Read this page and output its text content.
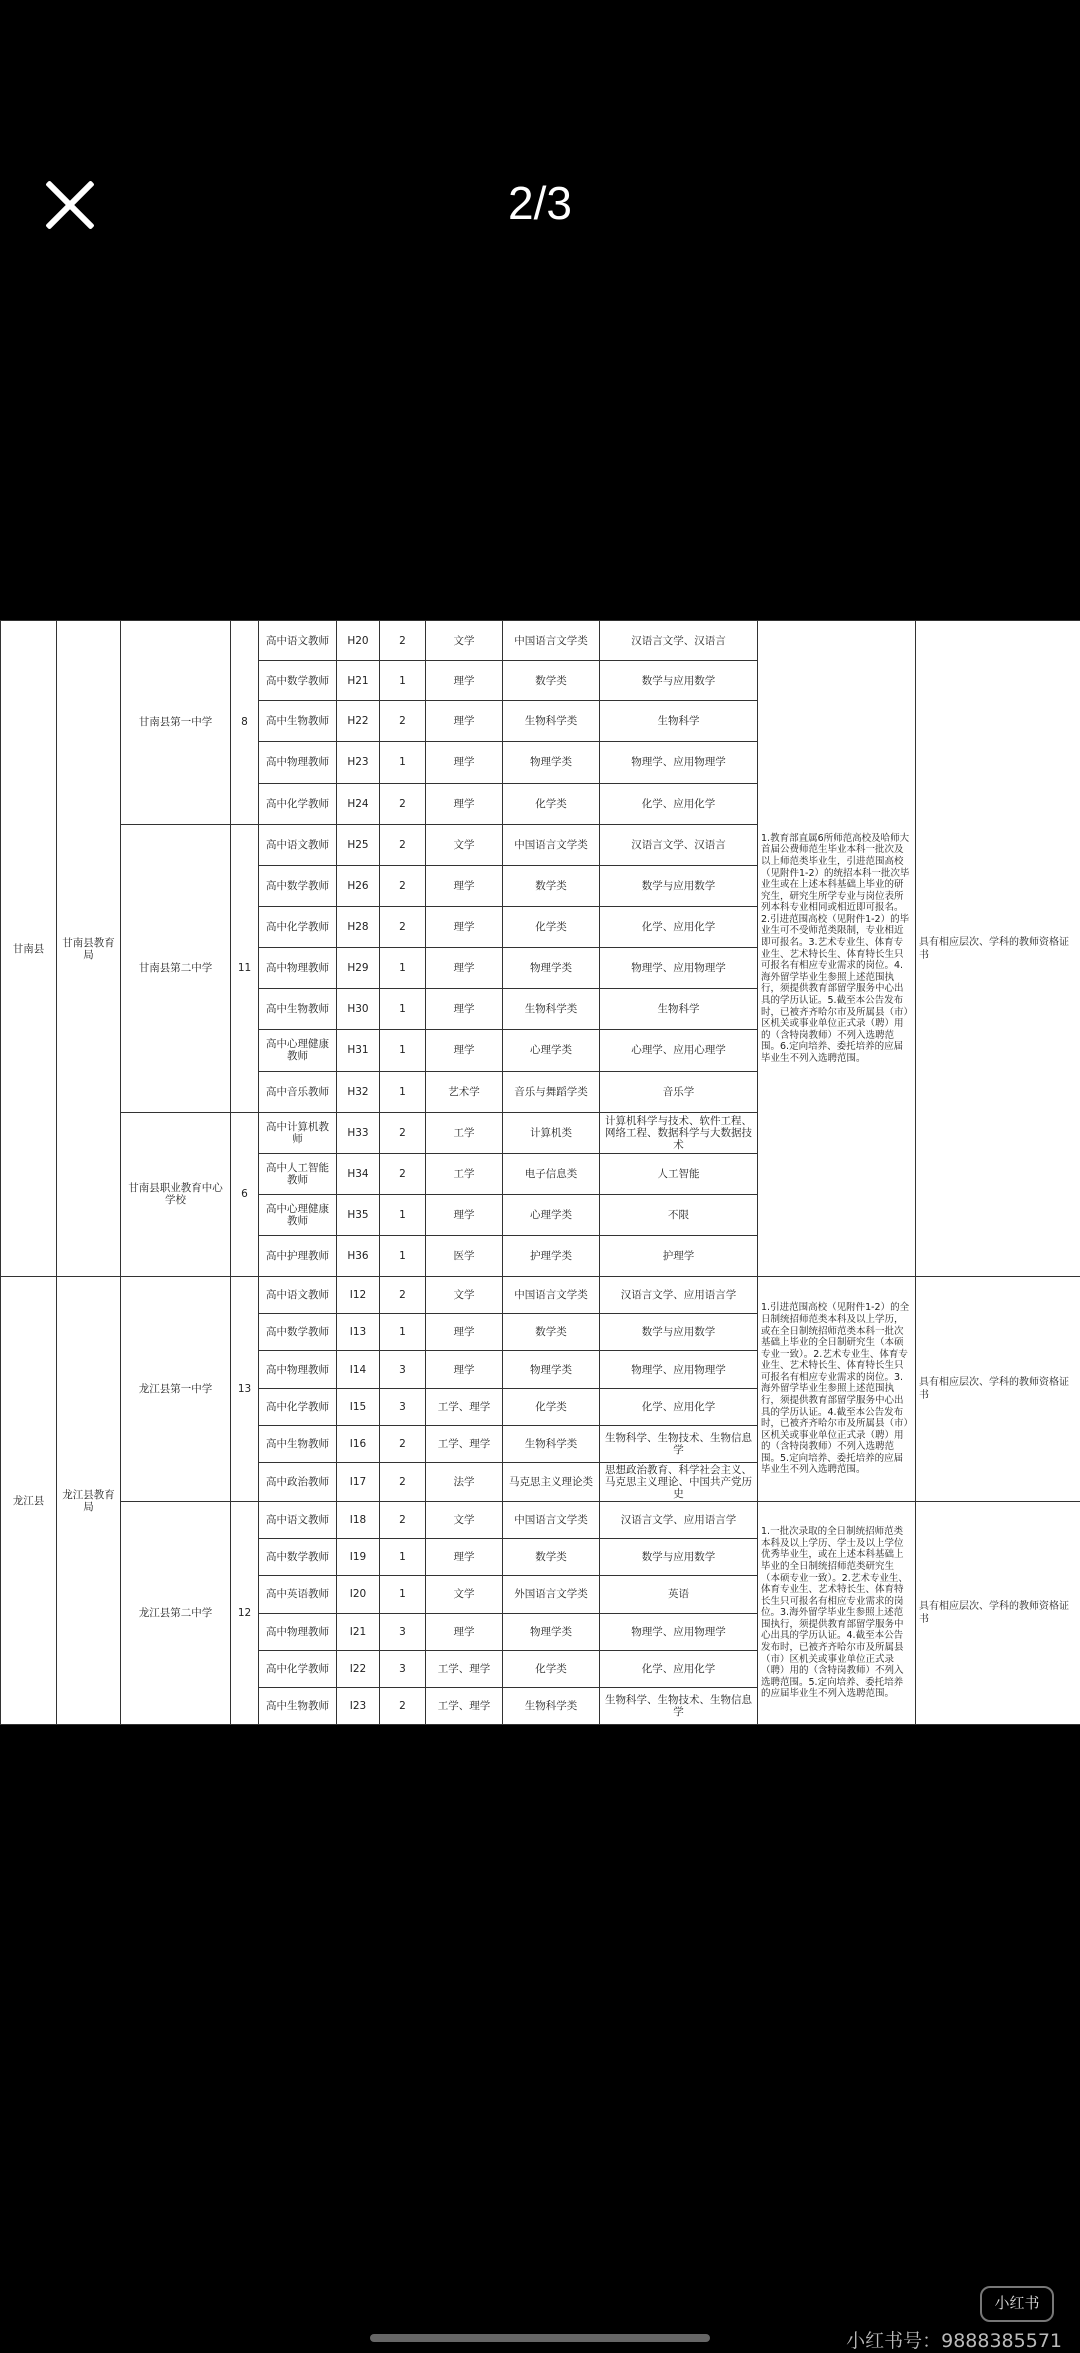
2/3
甘南县	甘南县教育局	甘南县第一中学	8	高中语文教师	H20	2	文学	中国语言文学类	汉语言文学、汉语言	1.教育部直属6所师范高校及哈师大首届公费师范生毕业本科一批次及以上师范类毕业生，引进范围高校（见附件1-2）的统招本科一批次毕业生或在上述本科基础上毕业的研究生，研究生所学专业与岗位表所列本科专业相同或相近即可报名。2.引进范围高校（见附件1-2）的毕业生可不受师范类限制，专业相近即可报名。3.艺术专业生、体育专业生、艺术特长生、体育特长生只可报名有相应专业需求的岗位。4.海外留学毕业生参照上述范围执行，须提供教育部留学服务中心出具的学历认证。5.截至本公告发布时，已被齐齐哈尔市及所属县（市）区机关或事业单位正式录（聘）用的（含特岗教师）不列入选聘范围。6.定向培养、委托培养的应届毕业生不列入选聘范围。	具有相应层次、学科的教师资格证书
				高中数学教师	H21	1	理学	数学类	数学与应用数学		
				高中生物教师	H22	2	理学	生物科学类	生物科学		
				高中物理教师	H23	1	理学	物理学类	物理学、应用物理学		
				高中化学教师	H24	2	理学	化学类	化学、应用化学		
		甘南县第二中学	11	高中语文教师	H25	2	文学	中国语言文学类	汉语言文学、汉语言		
				高中数学教师	H26	2	理学	数学类	数学与应用数学		
				高中化学教师	H28	2	理学	化学类	化学、应用化学		
				高中物理教师	H29	1	理学	物理学类	物理学、应用物理学		
				高中生物教师	H30	1	理学	生物科学类	生物科学		
				高中心理健康教师	H31	1	理学	心理学类	心理学、应用心理学		
				高中音乐教师	H32	1	艺术学	音乐与舞蹈学类	音乐学		
		甘南县职业教育中心学校	6	高中计算机教师	H33	2	工学	计算机类	计算机科学与技术、软件工程、网络工程、数据科学与大数据技术		
				高中人工智能教师	H34	2	工学	电子信息类	人工智能		
				高中心理健康教师	H35	1	理学	心理学类	不限		
				高中护理教师	H36	1	医学	护理学类	护理学		
龙江县	龙江县教育局	龙江县第一中学	13	高中语文教师	I12	2	文学	中国语言文学类	汉语言文学、应用语言学	1.引进范围高校（见附件1-2）的全日制统招师范类本科及以上学历，或在全日制统招师范类本科一批次基础上毕业的全日制研究生（本硕专业一致）。2.艺术专业生、体育专业生、艺术特长生、体育特长生只可报名有相应专业需求的岗位。3.海外留学毕业生参照上述范围执行，须提供教育部留学服务中心出具的学历认证。4.截至本公告发布时，已被齐齐哈尔市及所属县（市）区机关或事业单位正式录（聘）用的（含特岗教师）不列入选聘范围。5.定向培养、委托培养的应届毕业生不列入选聘范围。	具有相应层次、学科的教师资格证书
				高中数学教师	I13	1	理学	数学类	数学与应用数学		
				高中物理教师	I14	3	理学	物理学类	物理学、应用物理学		
				高中化学教师	I15	3	工学、理学	化学类	化学、应用化学		
				高中生物教师	I16	2	工学、理学	生物科学类	生物科学、生物技术、生物信息学		
				高中政治教师	I17	2	法学	马克思主义理论类	思想政治教育、科学社会主义、马克思主义理论、中国共产党历史		
		龙江县第二中学	12	高中语文教师	I18	2	文学	中国语言文学类	汉语言文学、应用语言学	1.一批次录取的全日制统招师范类本科及以上学历、学士及以上学位优秀毕业生，或在上述本科基础上毕业的全日制统招师范类研究生（本硕专业一致）。2.艺术专业生、体育专业生、艺术特长生、体育特长生只可报名有相应专业需求的岗位。3.海外留学毕业生参照上述范围执行，须提供教育部留学服务中心出具的学历认证。4.截至本公告发布时，已被齐齐哈尔市及所属县（市）区机关或事业单位正式录（聘）用的（含特岗教师）不列入选聘范围。5.定向培养、委托培养的应届毕业生不列入选聘范围。	具有相应层次、学科的教师资格证书
				高中数学教师	I19	1	理学	数学类	数学与应用数学		
				高中英语教师	I20	1	文学	外国语言文学类	英语		
				高中物理教师	I21	3	理学	物理学类	物理学、应用物理学		
				高中化学教师	I22	3	工学、理学	化学类	化学、应用化学		
				高中生物教师	I23	2	工学、理学	生物科学类	生物科学、生物技术、生物信息学		
小红书
小红书号：9888385571
